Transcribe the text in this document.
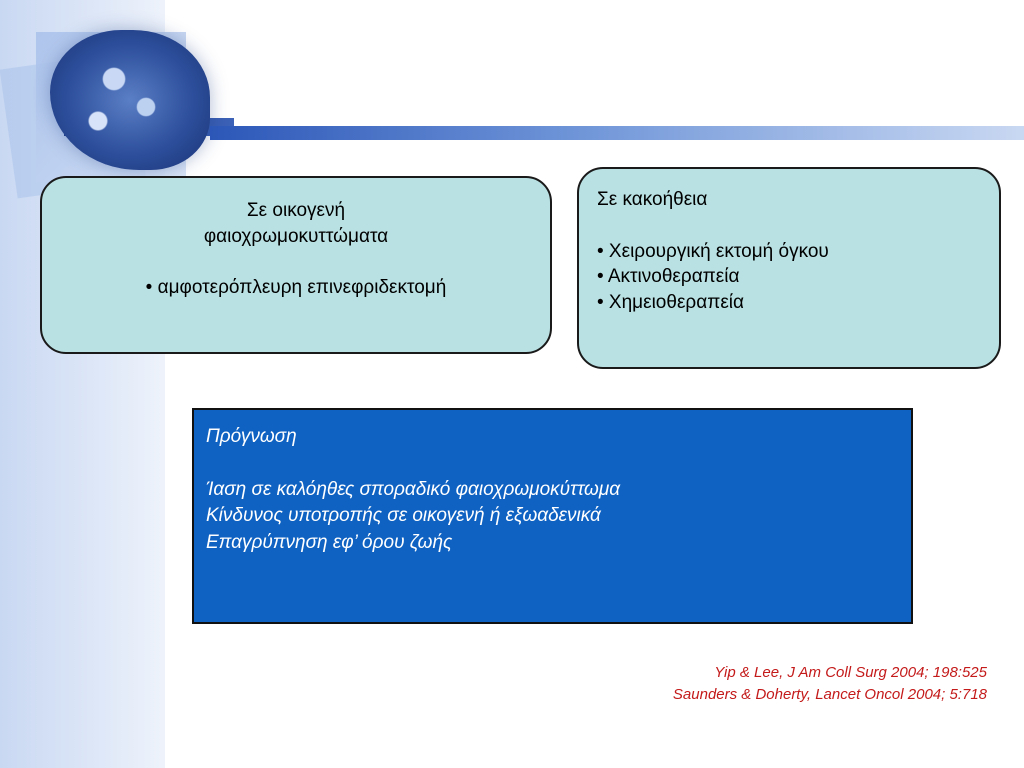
Σε οικογενή
φαιοχρωμοκυττώματα
• αμφοτερόπλευρη επινεφριδεκτομή
Σε κακοήθεια
• Χειρουργική εκτομή όγκου
• Ακτινοθεραπεία
• Χημειοθεραπεία
Πρόγνωση
Ίαση σε καλόηθες σποραδικό φαιοχρωμοκύττωμα
Κίνδυνος υποτροπής σε οικογενή ή εξωαδενικά
Επαγρύπνηση εφ’ όρου ζωής
Yip & Lee, J Am Coll Surg 2004; 198:525
Saunders & Doherty, Lancet Oncol 2004; 5:718
